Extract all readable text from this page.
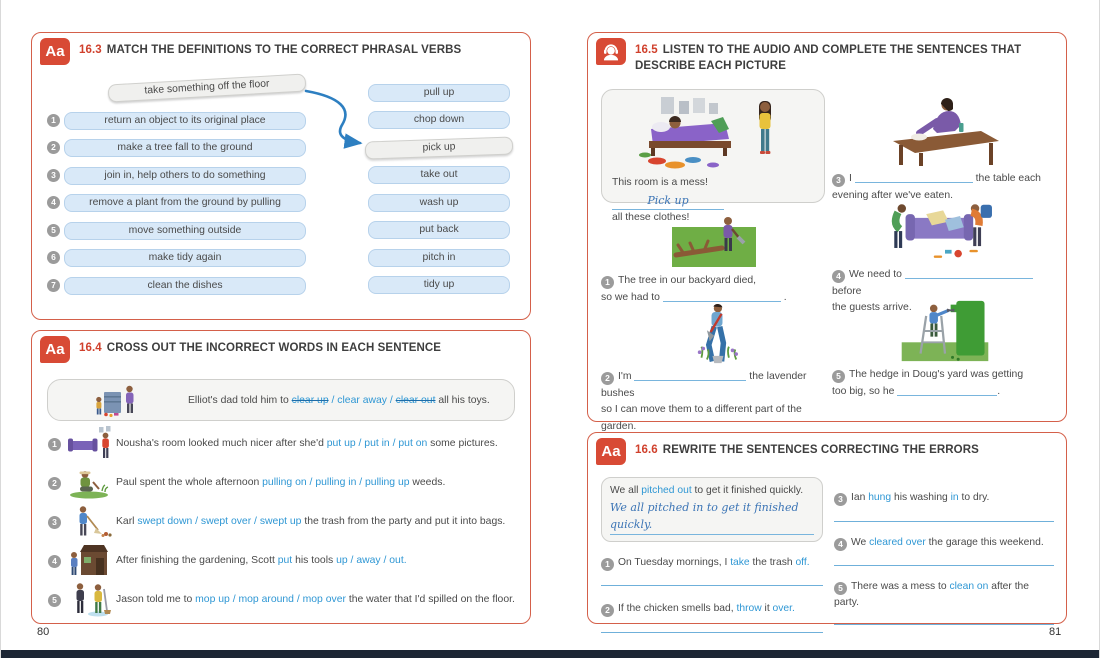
Aa	16.3 MATCH THE DEFINITIONS TO THE CORRECT PHRASAL VERBS
take something off the floor
1	return an object to its original place
2	make a tree fall to the ground
3	join in, help others to do something
4	remove a plant from the ground by pulling
5	move something outside
6	make tidy again
7	clean the dishes
pull up
chop down
pick up
take out
wash up
put back
pitch in
tidy up
Aa	16.4 CROSS OUT THE INCORRECT WORDS IN EACH SENTENCE
Elliot's dad told him to clear up / clear away / clear out all his toys.
1	Nousha's room looked much nicer after she'd put up / put in / put on some pictures.
2	Paul spent the whole afternoon pulling on / pulling in / pulling up weeds.
3	Karl swept down / swept over / swept up the trash from the party and put it into bags.
4	After finishing the gardening, Scott put his tools up / away / out.
5	Jason told me to mop up / mop around / mop over the water that I'd spilled on the floor.
16.5 LISTEN TO THE AUDIO AND COMPLETE THE SENTENCES THAT DESCRIBE EACH PICTURE
This room is a mess! Pick up
all these clothes!
1 The tree in our backyard died,
so we had to	.
2 I'm	the lavender bushes
so I can move them to a different part of the garden.
3 I	the table each
evening after we've eaten.
4 We need to  before
the guests arrive.
5 The hedge in Doug's yard was getting
too big, so he	.
Aa	16.6 REWRITE THE SENTENCES CORRECTING THE ERRORS
We all pitched out to get it finished quickly.
We all pitched in to get it finished quickly.
1 On Tuesday mornings, I take the trash off.
2 If the chicken smells bad, throw it over.
3 Ian hung his washing in to dry.
4 We cleared over the garage this weekend.
5 There was a mess to clean on after the party.
80	81
